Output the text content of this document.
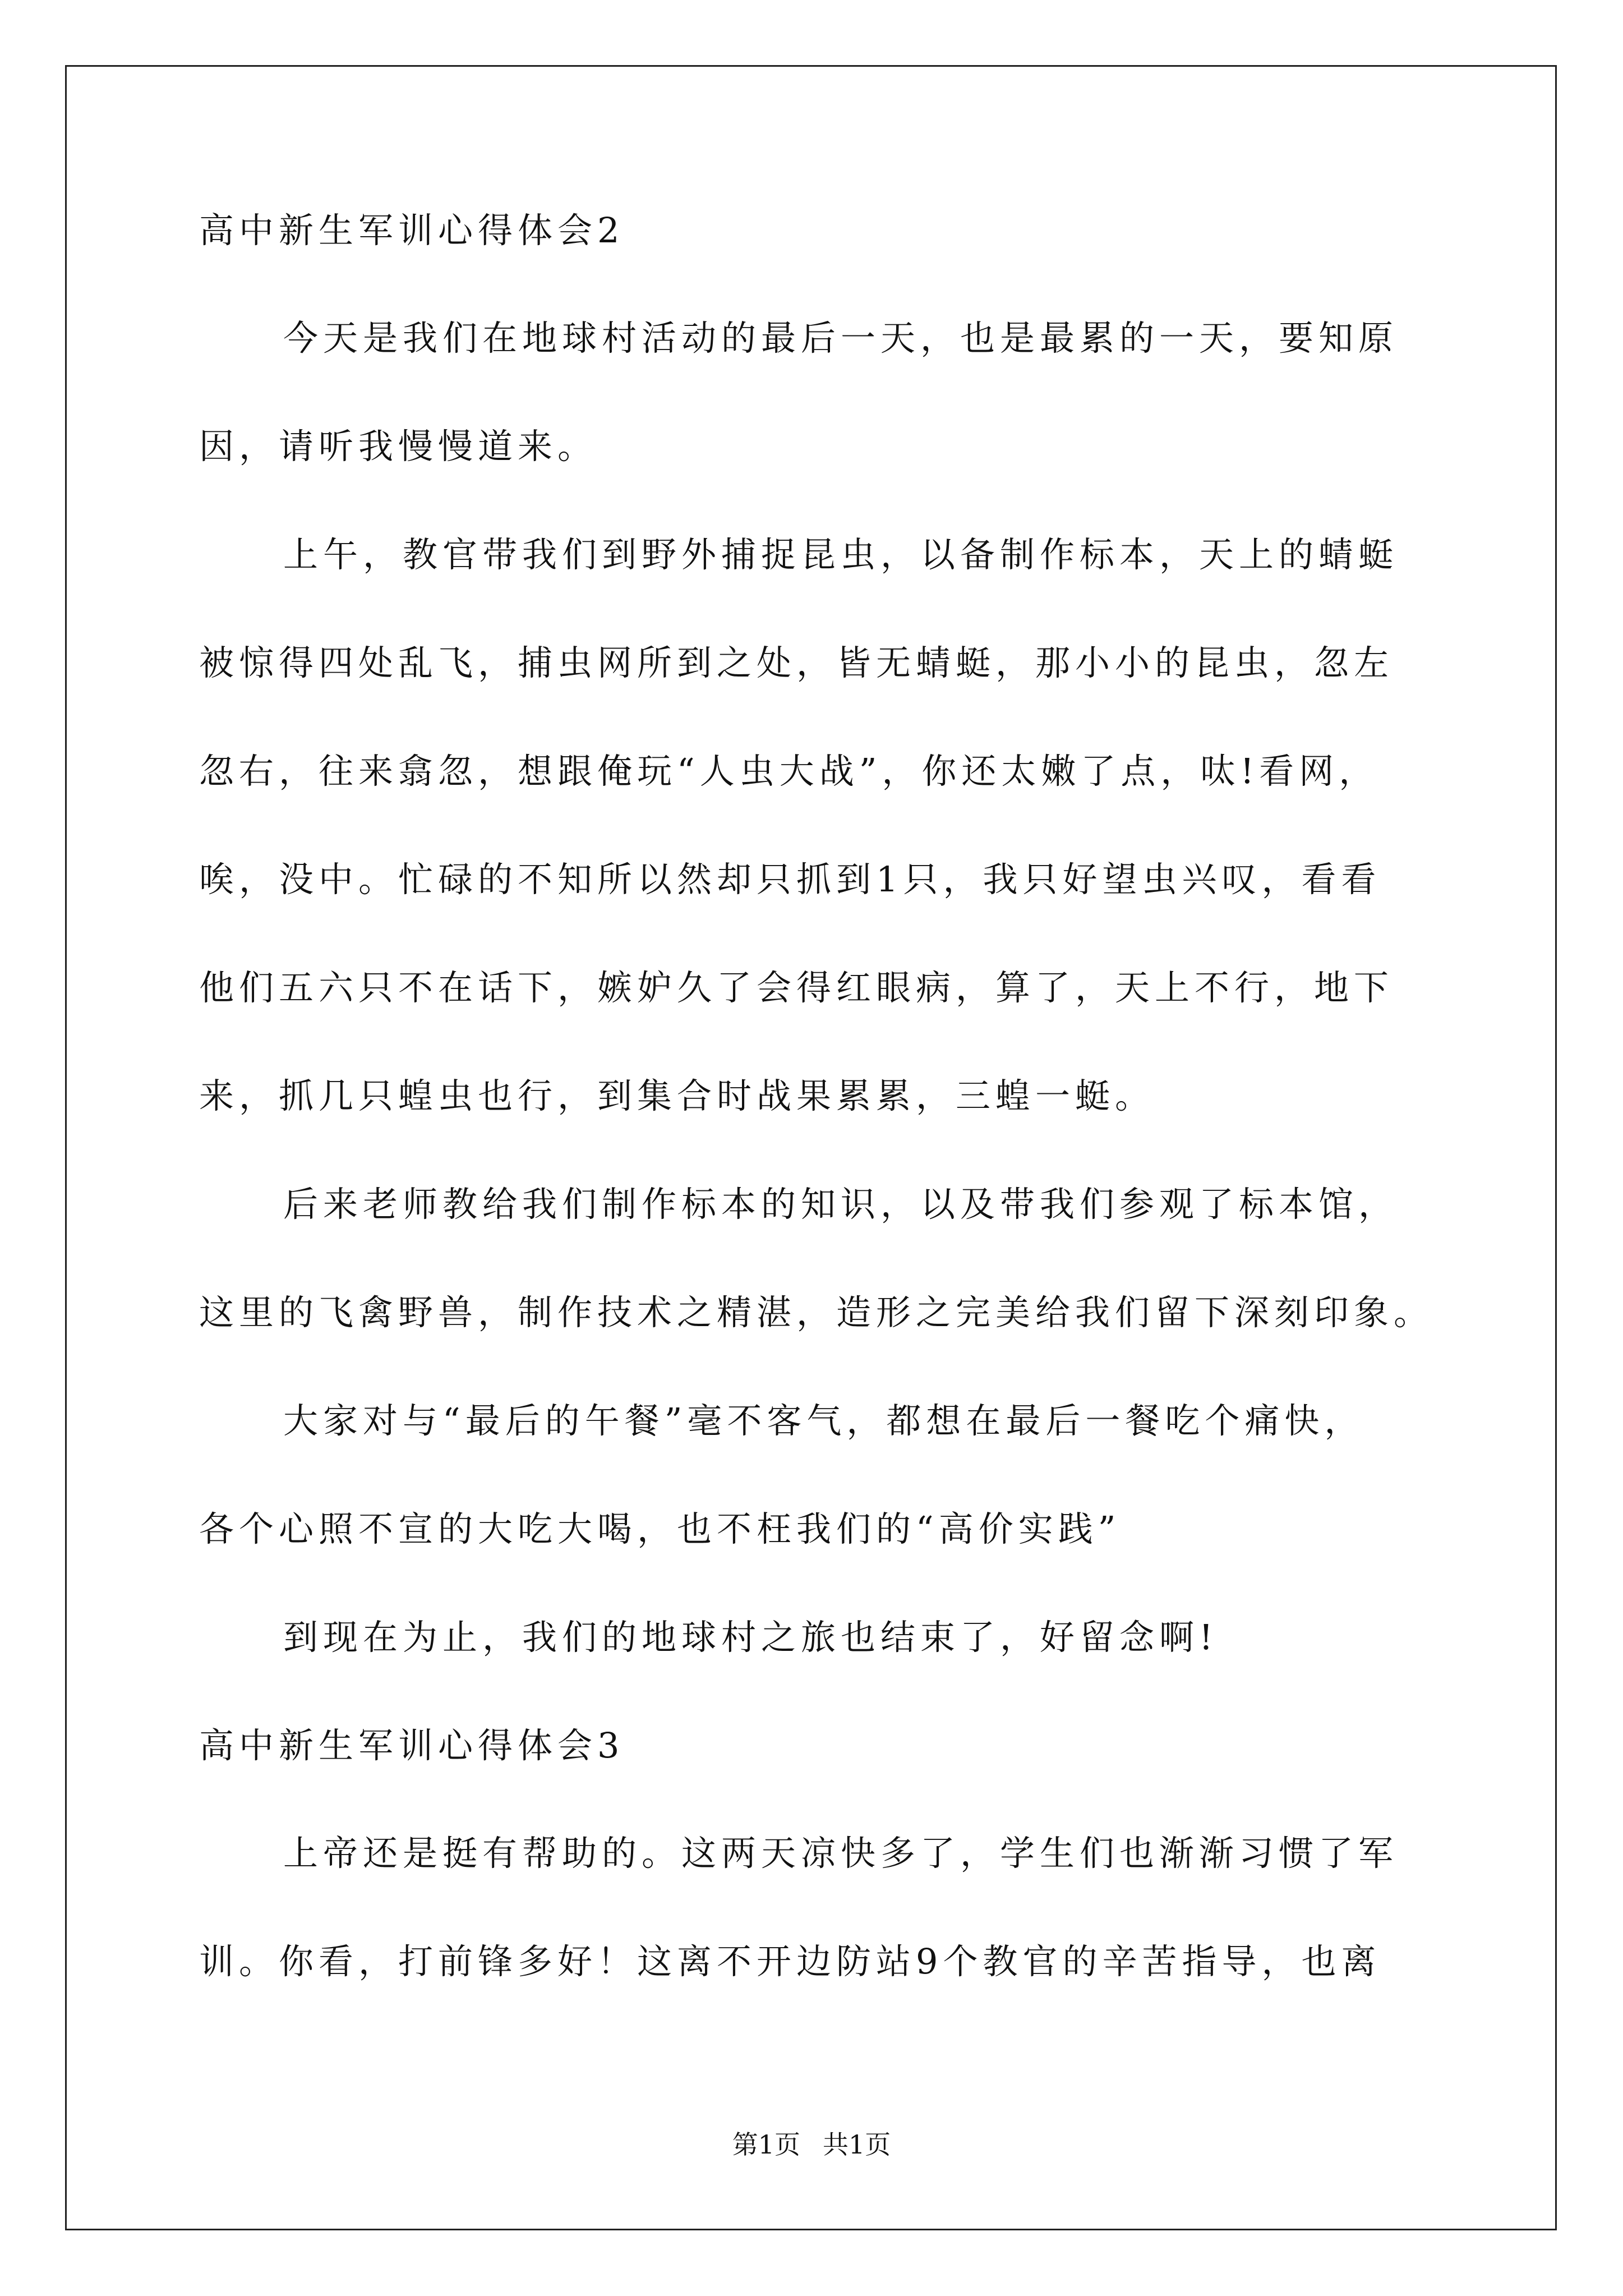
高中新生军训心得体会2
今天是我们在地球村活动的最后一天，也是最累的一天，要知原
因，请听我慢慢道来。
上午，教官带我们到野外捕捉昆虫，以备制作标本，天上的蜻蜓
被惊得四处乱飞，捕虫网所到之处，皆无蜻蜓，那小小的昆虫，忽左
忽右，往来翕忽，想跟俺玩“人虫大战”，你还太嫩了点，呔!看网，
唉，没中。忙碌的不知所以然却只抓到1只，我只好望虫兴叹，看看
他们五六只不在话下，嫉妒久了会得红眼病，算了，天上不行，地下
来，抓几只蝗虫也行，到集合时战果累累，三蝗一蜓。
后来老师教给我们制作标本的知识，以及带我们参观了标本馆，
这里的飞禽野兽，制作技术之精湛，造形之完美给我们留下深刻印象。
大家对与“最后的午餐”毫不客气，都想在最后一餐吃个痛快，
各个心照不宣的大吃大喝，也不枉我们的“高价实践”
到现在为止，我们的地球村之旅也结束了，好留念啊!
高中新生军训心得体会3
上帝还是挺有帮助的。这两天凉快多了，学生们也渐渐习惯了军
训。你看，打前锋多好！这离不开边防站9个教官的辛苦指导，也离
第1页 共1页
